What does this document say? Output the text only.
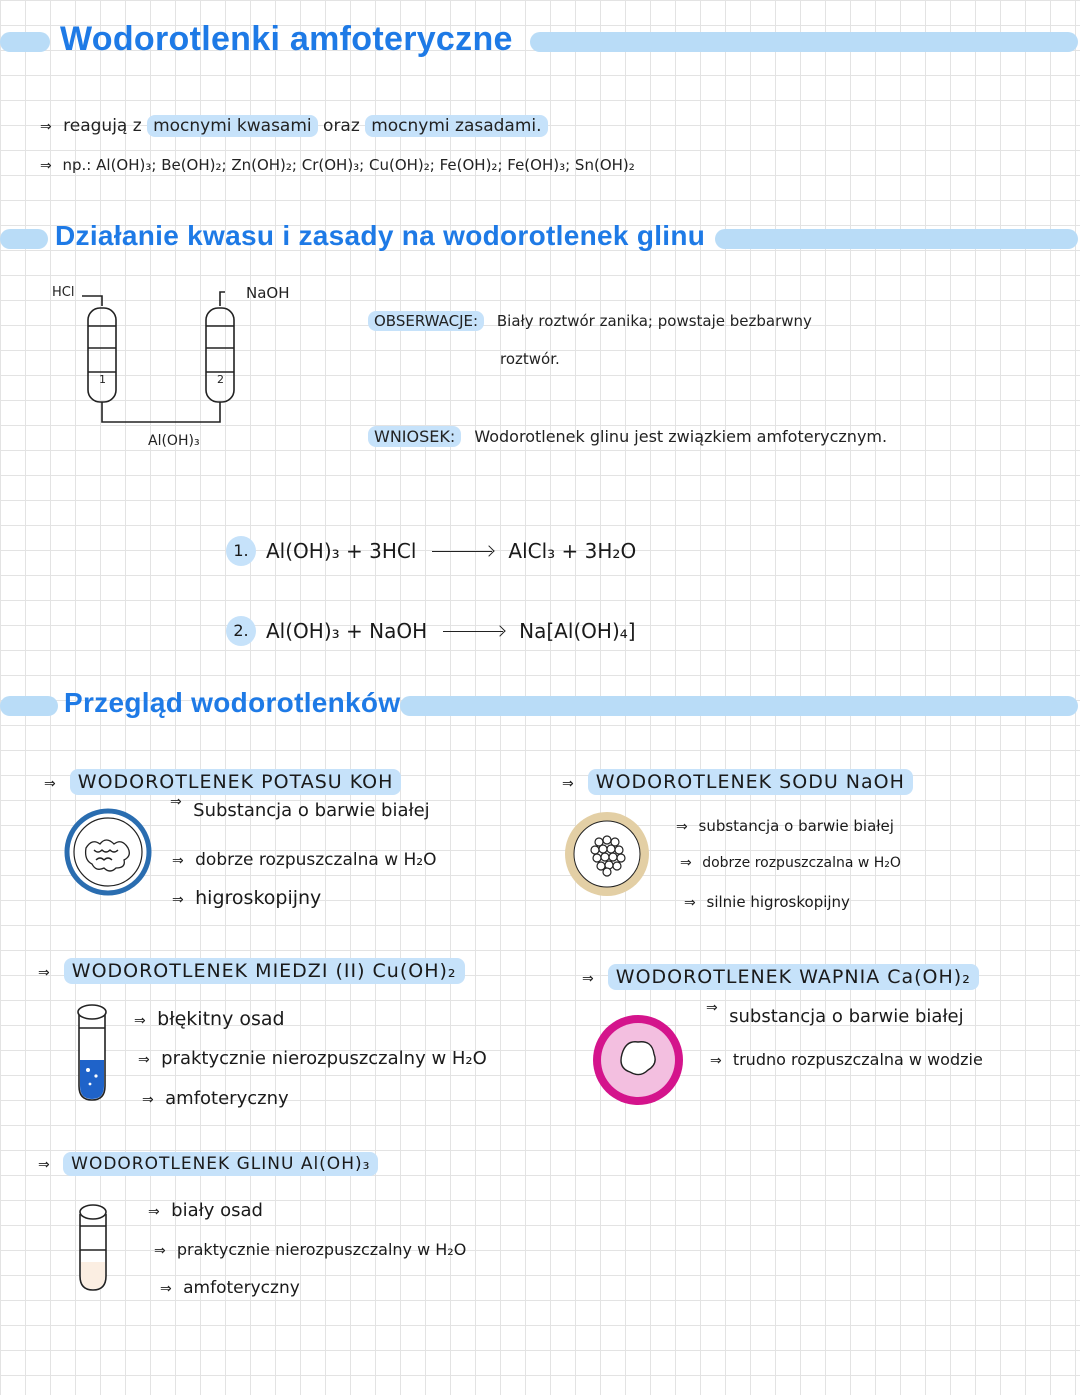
Wodorotlenki amfoteryczne
⇒ reagują z mocnymi kwasami oraz mocnymi zasadami.
⇒ np.: Al(OH)₃; Be(OH)₂; Zn(OH)₂; Cr(OH)₃; Cu(OH)₂; Fe(OH)₂; Fe(OH)₃; Sn(OH)₂
Działanie kwasu i zasady na wodorotlenek glinu
HCl	NaOH
1	2
Al(OH)₃
OBSERWACJE: Biały roztwór zanika; powstaje bezbarwny
roztwór.
WNIOSEK: Wodorotlenek glinu jest związkiem amfoterycznym.
1. Al(OH)₃ + 3HCl	AlCl₃ + 3H₂O
2. Al(OH)₃ + NaOH	Na[Al(OH)₄]
Przegląd wodorotlenków
⇒ WODOROTLENEK POTASU KOH
⇒ Substancja o barwie białej
⇒ dobrze rozpuszczalna w H₂O
⇒ higroskopijny
⇒ WODOROTLENEK SODU NaOH
⇒ substancja o barwie białej
⇒ dobrze rozpuszczalna w H₂O
⇒ silnie higroskopijny
⇒ WODOROTLENEK MIEDZI (II) Cu(OH)₂
⇒ błękitny osad
⇒ praktycznie nierozpuszczalny w H₂O
⇒ amfoteryczny
⇒ WODOROTLENEK WAPNIA Ca(OH)₂
⇒ substancja o barwie białej
⇒ trudno rozpuszczalna w wodzie
⇒ WODOROTLENEK GLINU Al(OH)₃
⇒ biały osad
⇒ praktycznie nierozpuszczalny w H₂O
⇒ amfoteryczny
